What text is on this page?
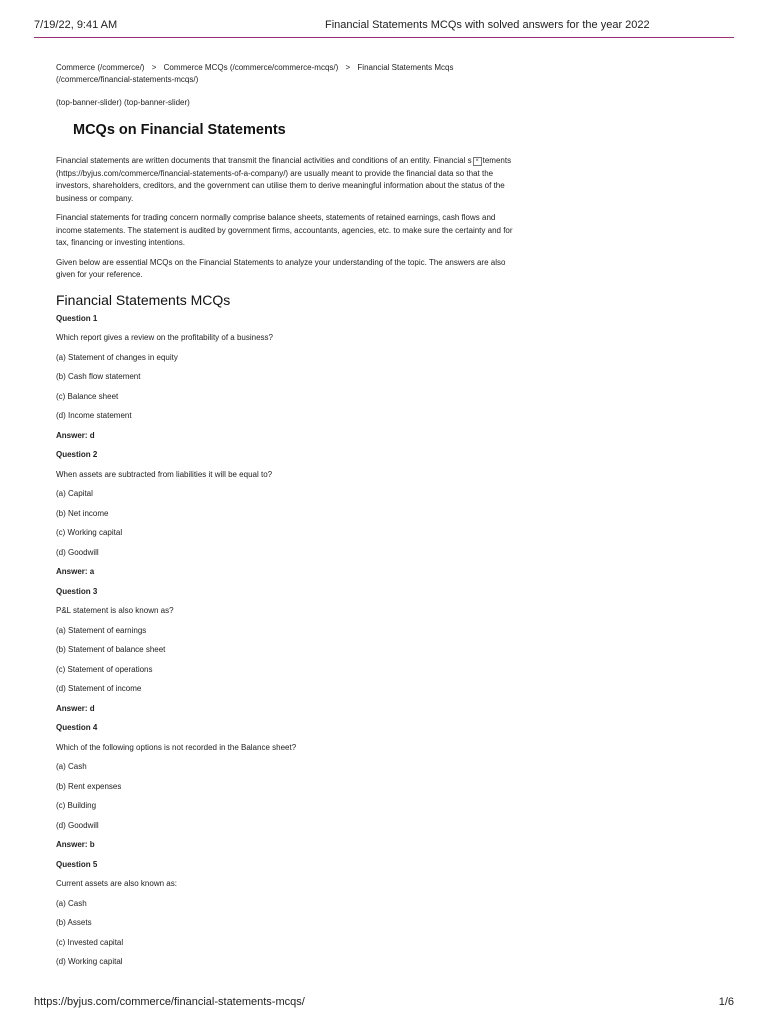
7/19/22, 9:41 AM	Financial Statements MCQs with solved answers for the year 2022
Commerce (/commerce/) > Commerce MCQs (/commerce/commerce-mcqs/) > Financial Statements Mcqs (/commerce/financial-statements-mcqs/)
(top-banner-slider) (top-banner-slider)
MCQs on Financial Statements

Financial statements are written documents that transmit the financial activities and conditions of an entity. Financial s × tements (https://byjus.com/commerce/financial-statements-of-a-company/) are usually meant to provide the financial data so that the investors, shareholders, creditors, and the government can utilise them to derive meaningful information about the status of the business or company.

Financial statements for trading concern normally comprise balance sheets, statements of retained earnings, cash flows and income statements. The statement is audited by government firms, accountants, agencies, etc. to make sure the certainty and for tax, financing or investing intentions.

Given below are essential MCQs on the Financial Statements to analyze your understanding of the topic. The answers are also given for your reference.

Financial Statements MCQs

Question 1

Which report gives a review on the profitability of a business?

(a) Statement of changes in equity

(b) Cash flow statement

(c) Balance sheet

(d) Income statement

Answer: d

Question 2

When assets are subtracted from liabilities it will be equal to?

(a) Capital

(b) Net income

(c) Working capital

(d) Goodwill

Answer: a

Question 3

P&L statement is also known as?

(a) Statement of earnings

(b) Statement of balance sheet

(c) Statement of operations

(d) Statement of income

Answer: d

Question 4

Which of the following options is not recorded in the Balance sheet?

(a) Cash

(b) Rent expenses

(c) Building

(d) Goodwill

Answer: b

Question 5

Current assets are also known as:

(a) Cash

(b) Assets

(c) Invested capital

(d) Working capital

https://byjus.com/commerce/financial-statements-mcqs/	1/6
